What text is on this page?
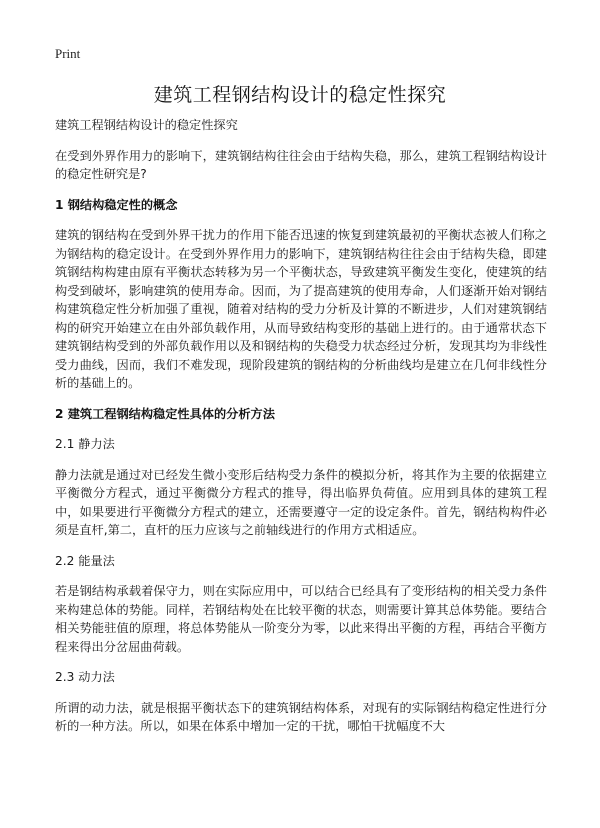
Print
建筑工程钢结构设计的稳定性探究

建筑工程钢结构设计的稳定性探究

在受到外界作用力的影响下，建筑钢结构往往会由于结构失稳，那么，建筑工程钢结构设计的稳定性研究是?

1 钢结构稳定性的概念

建筑的钢结构在受到外界干扰力的作用下能否迅速的恢复到建筑最初的平衡状态被人们称之为钢结构的稳定设计。在受到外界作用力的影响下，建筑钢结构往往会由于结构失稳，即建筑钢结构构建由原有平衡状态转移为另一个平衡状态，导致建筑平衡发生变化，使建筑的结构受到破坏，影响建筑的使用寿命。因而，为了提高建筑的使用寿命，人们逐渐开始对钢结构建筑稳定性分析加强了重视，随着对结构的受力分析及计算的不断进步，人们对建筑钢结构的研究开始建立在由外部负载作用，从而导致结构变形的基础上进行的。由于通常状态下建筑钢结构受到的外部负载作用以及和钢结构的失稳受力状态经过分析，发现其均为非线性受力曲线，因而，我们不难发现，现阶段建筑的钢结构的分析曲线均是建立在几何非线性分析的基础上的。

2 建筑工程钢结构稳定性具体的分析方法
2.1 静力法

静力法就是通过对已经发生微小变形后结构受力条件的模拟分析，将其作为主要的依据建立平衡微分方程式，通过平衡微分方程式的推导，得出临界负荷值。应用到具体的建筑工程中，如果要进行平衡微分方程式的建立，还需要遵守一定的设定条件。首先，钢结构构件必须是直杆,第二，直杆的压力应该与之前轴线进行的作用方式相适应。

2.2 能量法

若是钢结构承载着保守力，则在实际应用中，可以结合已经具有了变形结构的相关受力条件来构建总体的势能。同样，若钢结构处在比较平衡的状态，则需要计算其总体势能。要结合相关势能驻值的原理，将总体势能从一阶变分为零，以此来得出平衡的方程，再结合平衡方程来得出分岔屈曲荷载。

2.3 动力法

所谓的动力法，就是根据平衡状态下的建筑钢结构体系，对现有的实际钢结构稳定性进行分析的一种方法。所以，如果在体系中增加一定的干扰，哪怕干扰幅度不大
